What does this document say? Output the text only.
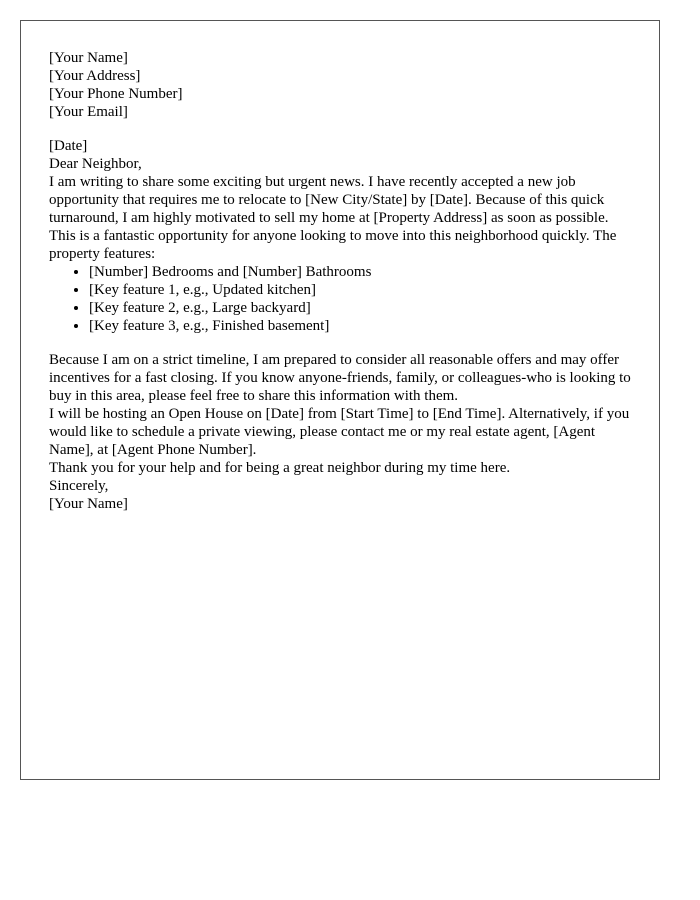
[Your Name]

[Your Address]

[Your Phone Number]

[Your Email]

[Date]

Dear Neighbor,

I am writing to share some exciting but urgent news. I have recently accepted a new job opportunity that requires me to relocate to [New City/State] by [Date]. Because of this quick turnaround, I am highly motivated to sell my home at [Property Address] as soon as possible.

This is a fantastic opportunity for anyone looking to move into this neighborhood quickly. The property features:

• [Number] Bedrooms and [Number] Bathrooms
• [Key feature 1, e.g., Updated kitchen]
• [Key feature 2, e.g., Large backyard]
• [Key feature 3, e.g., Finished basement]

Because I am on a strict timeline, I am prepared to consider all reasonable offers and may offer incentives for a fast closing. If you know anyone-friends, family, or colleagues-who is looking to buy in this area, please feel free to share this information with them.

I will be hosting an Open House on [Date] from [Start Time] to [End Time]. Alternatively, if you would like to schedule a private viewing, please contact me or my real estate agent, [Agent Name], at [Agent Phone Number].

Thank you for your help and for being a great neighbor during my time here.

Sincerely,

[Your Name]
